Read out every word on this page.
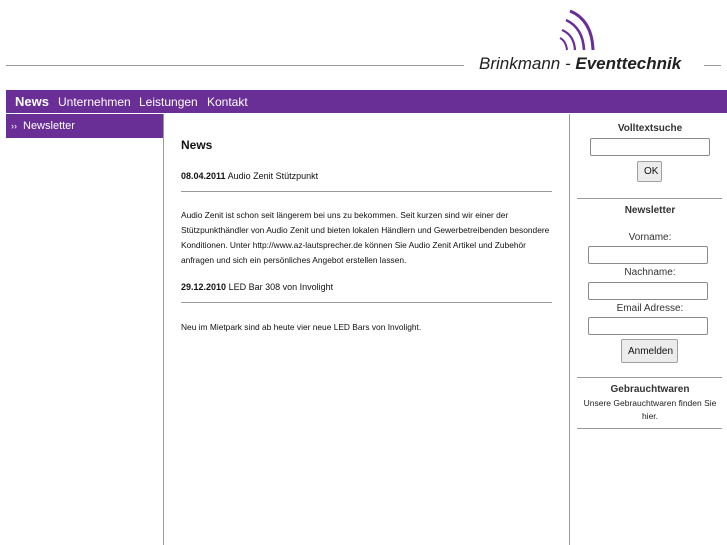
Brinkmann - Eventtechnik
News Unternehmen Leistungen Kontakt
›› Newsletter
News
08.04.2011 Audio Zenit Stützpunkt
Audio Zenit ist schon seit längerem bei uns zu bekommen. Seit kurzen sind wir einer der Stützpunkthändler von Audio Zenit und bieten lokalen Händlern und Gewerbetreibenden besondere Konditionen. Unter http://www.az-lautsprecher.de können Sie Audio Zenit Artikel und Zubehör anfragen und sich ein persönliches Angebot erstellen lassen.
29.12.2010 LED Bar 308 von Involight
Neu im Mietpark sind ab heute vier neue LED Bars von Involight.
Volltextsuche
OK
Newsletter
Vorname:
Nachname:
Email Adresse:
Anmelden
Gebrauchtwaren
Unsere Gebrauchtwaren finden Sie hier.
